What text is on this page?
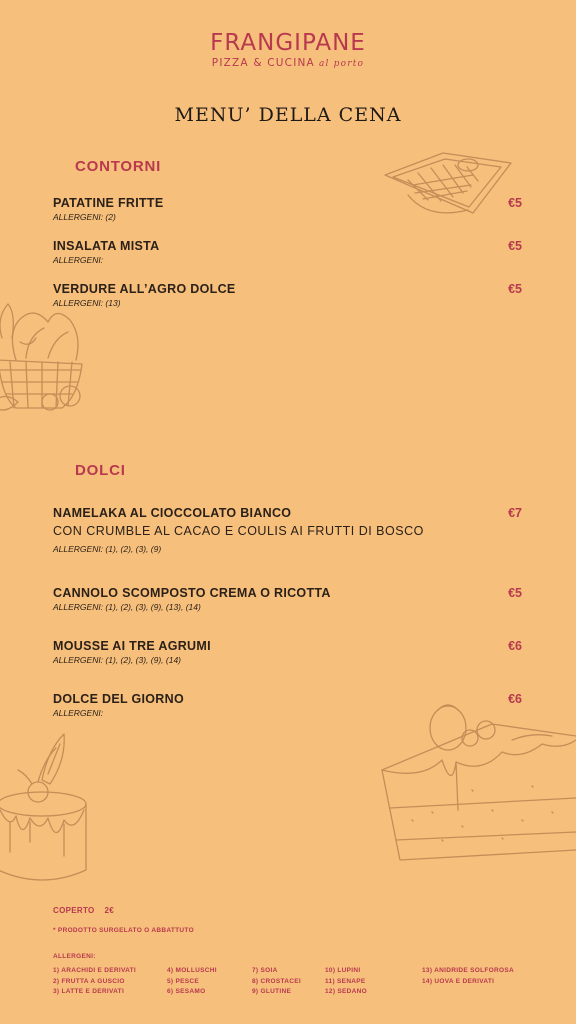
FRANGIPANE
PIZZA & CUCINA al porto
MENU’ DELLA CENA
CONTORNI
PATATINE FRITTE
ALLERGENI: (2)
€5
INSALATA MISTA
ALLERGENI:
€5
VERDURE ALL’AGRO DOLCE
ALLERGENI: (13)
€5
DOLCI
NAMELAKA AL CIOCCOLATO BIANCO
CON CRUMBLE AL CACAO E COULIS AI FRUTTI DI BOSCO
ALLERGENI: (1), (2), (3), (9)
€7
CANNOLO SCOMPOSTO CREMA O RICOTTA
ALLERGENI: (1), (2), (3), (9), (13), (14)
€5
MOUSSE AI TRE AGRUMI
ALLERGENI: (1), (2), (3), (9), (14)
€6
DOLCE DEL GIORNO
ALLERGENI:
€6
COPERTO 2€
* PRODOTTO SURGELATO O ABBATTUTO
ALLERGENI:
1) ARACHIDI E DERIVATI
2) FRUTTA A GUSCIO
3) LATTE E DERIVATI
4) MOLLUSCHI
5) PESCE
6) SESAMO
7) SOIA
8) CROSTACEI
9) GLUTINE
10) LUPINI
11) SENAPE
12) SEDANO
13) ANIDRIDE SOLFOROSA
14) UOVA E DERIVATI
